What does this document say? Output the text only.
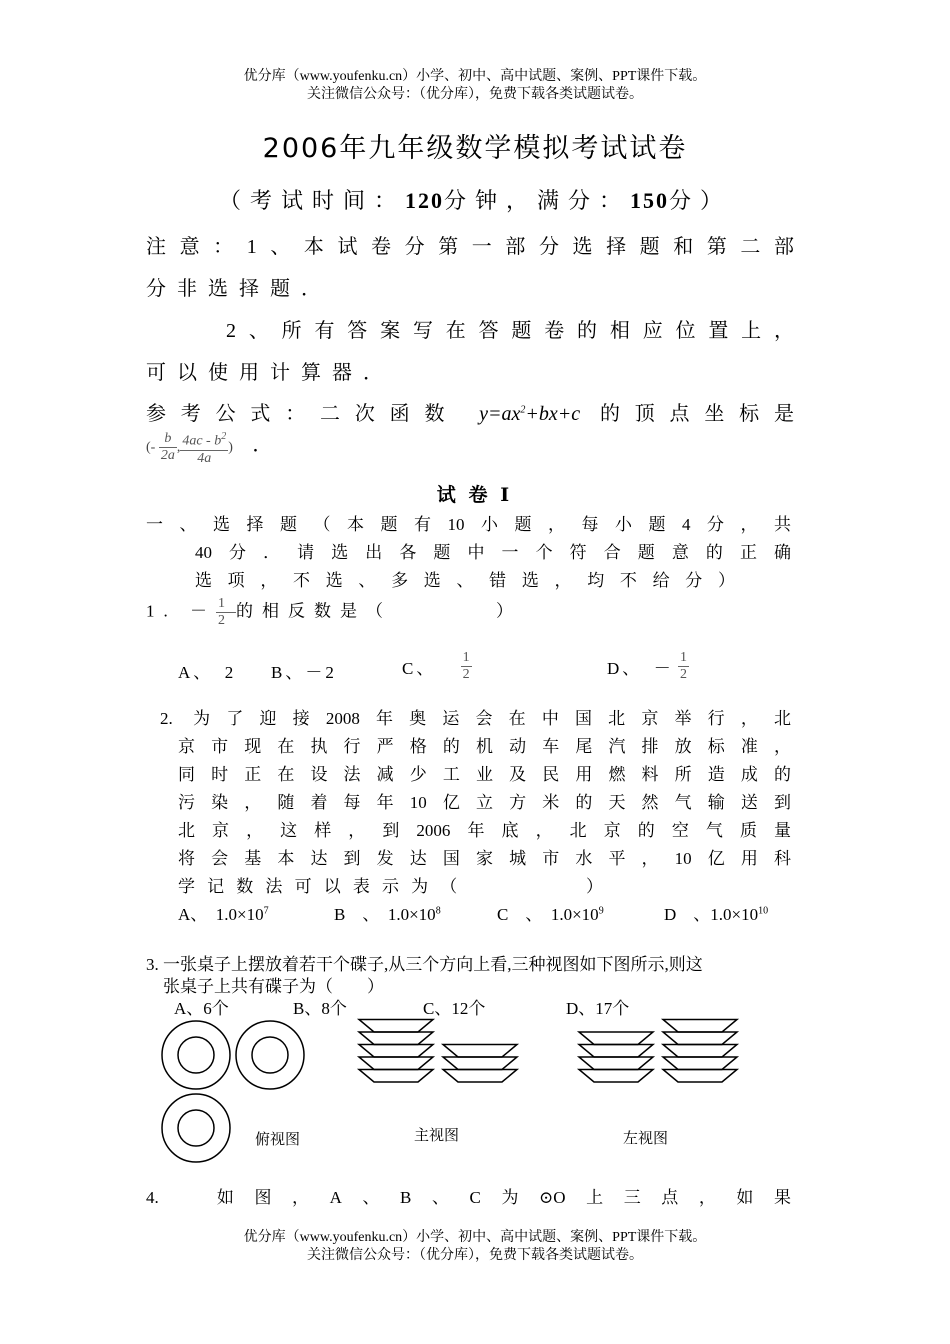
优分库（www.youfenku.cn）小学、初中、高中试题、案例、PPT课件下载。
关注微信公众号：（优分库），免费下载各类试题试卷。
2006年九年级数学模拟考试试卷
（考试时间：120分钟，满分：150分）
注意：1、本试卷分第一部分选择题和第二部
分非选择题．
2、所有答案写在答题卷的相应位置上，
可以使用计算器．
参考公式：二次函数 $y=ax^2+bx+c$ 的顶点坐标是
(- $\frac{b}{2a}$ , $\frac{4ac - b^2}{4a}$ ) ．
试 卷 Ⅰ
一、选择题（本题有10小题，每小题4分，共
40分．请选出各题中一个符合题意的正确
选项，不选、多选、错选，均不给分）
1. － $\frac{1}{2}$ 的相反数是（　　　　）
A、　2 B、－2	C、 $\frac{1}{2}$	D、　－ $\frac{1}{2}$
2. 为了迎接2008年奥运会在中国北京举行，北
京市现在执行严格的机动车尾汽排放标准，
同时正在设法减少工业及民用燃料所造成的
污染，随着每年10亿立方米的天然气输送到
北京，这样，到2006年底，北京的空气质量
将会基本达到发达国家城市水平，10亿用科
学记数法可以表示为（　　　　）
A、　$1.0\times 10^7$	B　、　$1.0\times 10^8$	C　、　$1.0\times 10^9$	D　、$1.0\times 10^{10}$
3. 一张桌子上摆放着若干个碟子,从三个方向上看,三种视图如下图所示,则这
张桌子上共有碟子为（　　）
A、6个	B、8个	C、12个	D、17个
俯视图	主视图	左视图
4.　如图，A、B、C为⊙O上三点，如果
优分库（www.youfenku.cn）小学、初中、高中试题、案例、PPT课件下载。
关注微信公众号：（优分库），免费下载各类试题试卷。
